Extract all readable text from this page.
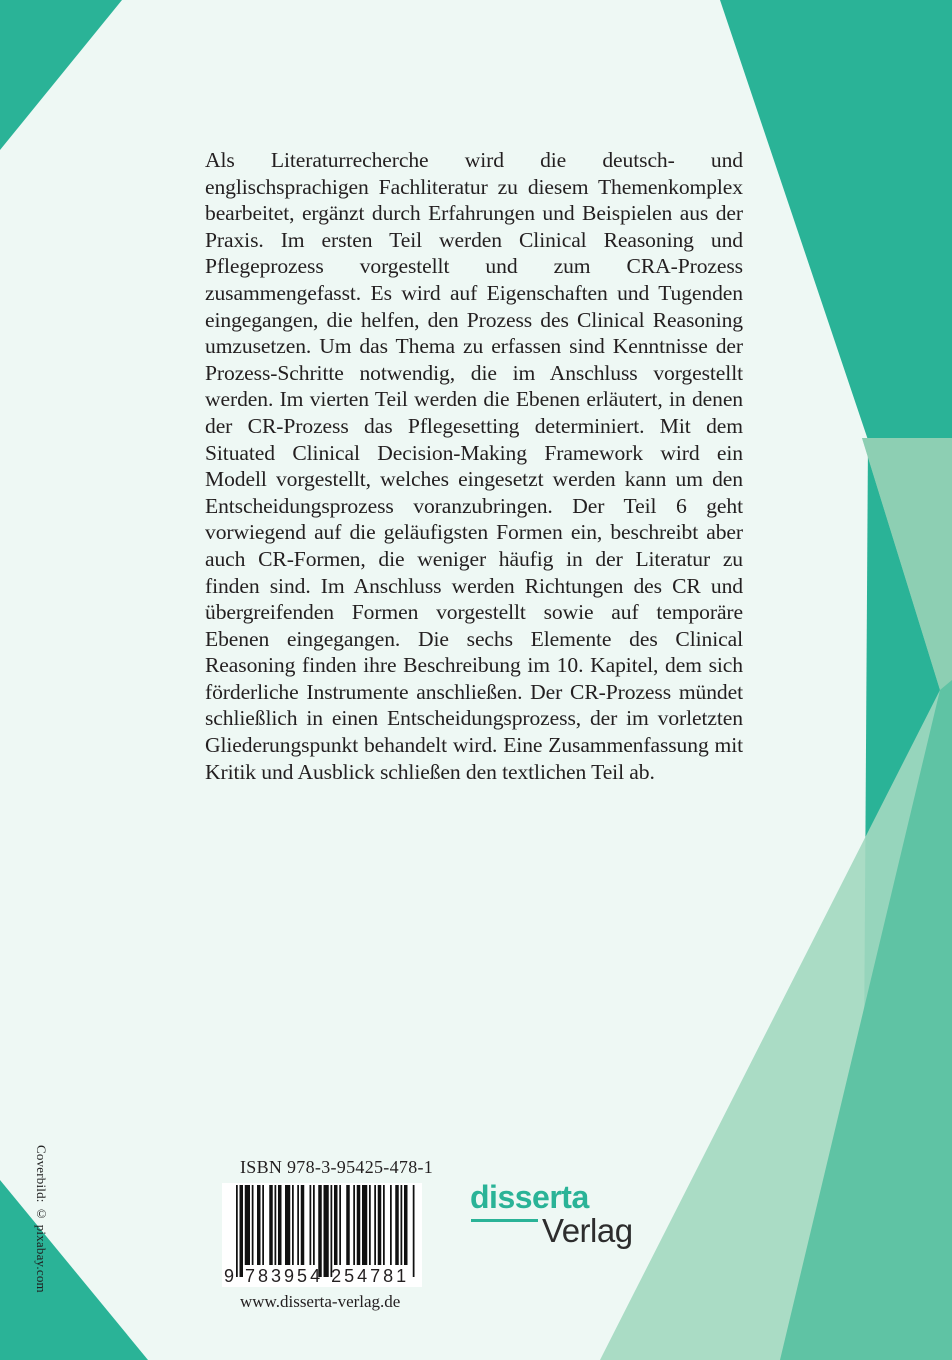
Als Literaturrecherche wird die deutsch- und englischsprachigen Fachliteratur zu diesem Themenkomplex bearbeitet, ergänzt durch Erfahrungen und Beispielen aus der Praxis. Im ersten Teil werden Clinical Reasoning und Pflegeprozess vorgestellt und zum CRA-Prozess zusammengefasst. Es wird auf Eigenschaften und Tugenden eingegangen, die helfen, den Prozess des Clinical Reasoning umzusetzen. Um das Thema zu erfassen sind Kenntnisse der Prozess-Schritte notwendig, die im Anschluss vorgestellt werden. Im vierten Teil werden die Ebenen erläutert, in denen der CR-Prozess das Pflegesetting determiniert. Mit dem Situated Clinical Decision-Making Framework wird ein Modell vorgestellt, welches eingesetzt werden kann um den Entscheidungsprozess voranzubringen. Der Teil 6 geht vorwiegend auf die geläufigsten Formen ein, beschreibt aber auch CR-Formen, die weniger häufig in der Literatur zu finden sind. Im Anschluss werden Richtungen des CR und übergreifenden Formen vorgestellt sowie auf temporäre Ebenen eingegangen. Die sechs Elemente des Clinical Reasoning finden ihre Beschreibung im 10. Kapitel, dem sich förderliche Instrumente anschließen. Der CR-Prozess mündet schließlich in einen Entscheidungsprozess, der im vorletzten Gliederungspunkt behandelt wird. Eine Zusammenfassung mit Kritik und Ausblick schließen den textlichen Teil ab.

Coverbild: © pixabay.com	ISBN 978-3-95425-478-1
9 783954 254781
www.disserta-verlag.de
disserta
Verlag
